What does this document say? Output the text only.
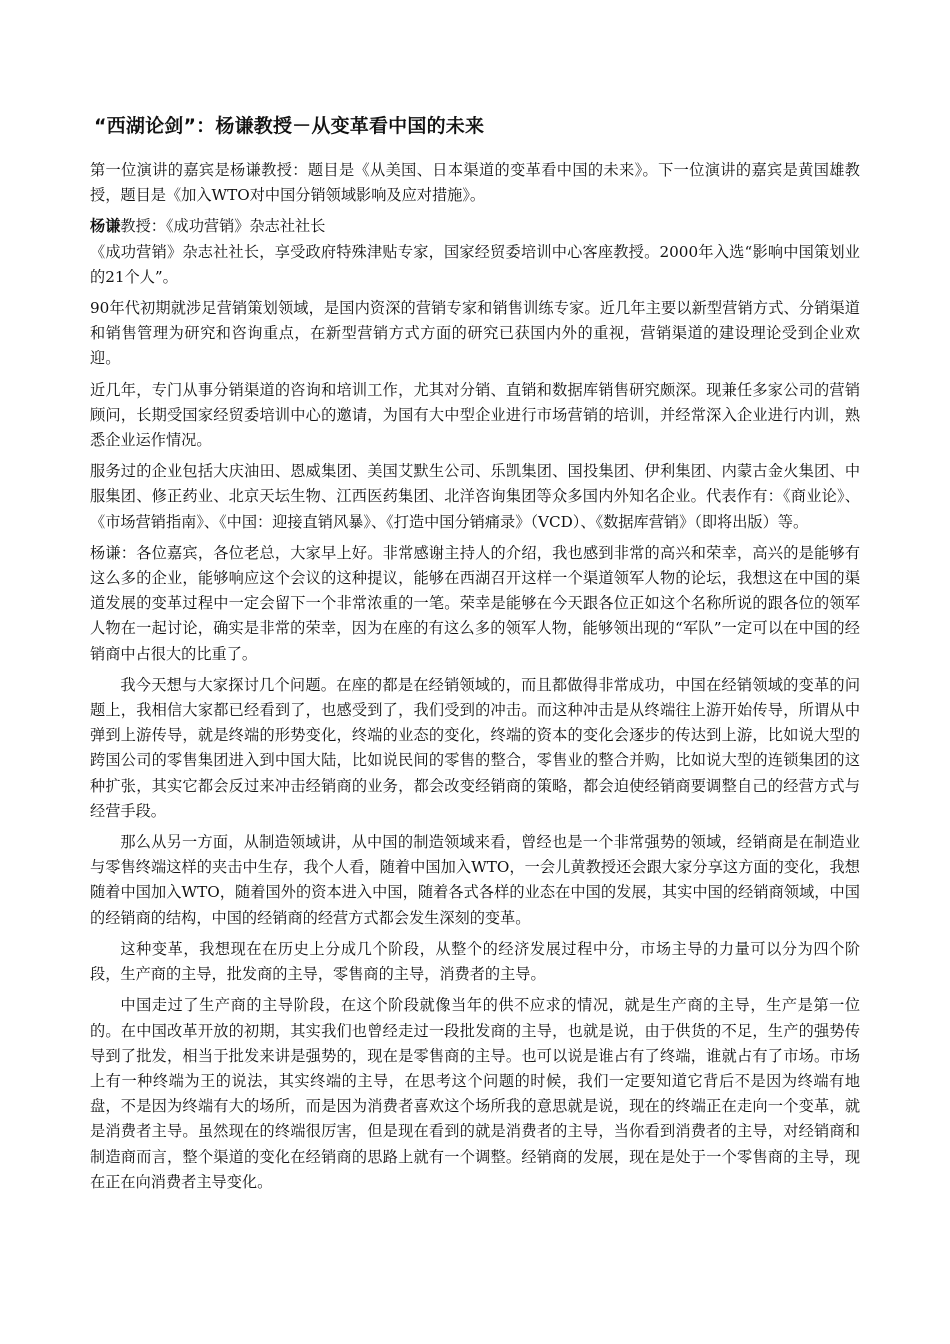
“西湖论剑”：杨谦教授－从变革看中国的未来

第一位演讲的嘉宾是杨谦教授：题目是《从美国、日本渠道的变革看中国的未来》。下一位演讲的嘉宾是黄国雄教授，题目是《加入WTO对中国分销领域影响及应对措施》。

杨谦教授：《成功营销》杂志社社长

《成功营销》杂志社社长，享受政府特殊津贴专家，国家经贸委培训中心客座教授。2000年入选“影响中国策划业的21个人”。

90年代初期就涉足营销策划领域，是国内资深的营销专家和销售训练专家。近几年主要以新型营销方式、分销渠道和销售管理为研究和咨询重点，在新型营销方式方面的研究已获国内外的重视，营销渠道的建设理论受到企业欢迎。

近几年，专门从事分销渠道的咨询和培训工作，尤其对分销、直销和数据库销售研究颇深。现兼任多家公司的营销顾问，长期受国家经贸委培训中心的邀请，为国有大中型企业进行市场营销的培训，并经常深入企业进行内训，熟悉企业运作情况。

服务过的企业包括大庆油田、恩威集团、美国艾默生公司、乐凯集团、国投集团、伊利集团、内蒙古金火集团、中服集团、修正药业、北京天坛生物、江西医药集团、北洋咨询集团等众多国内外知名企业。代表作有：《商业论》、《市场营销指南》、《中国：迎接直销风暴》、《打造中国分销痛录》（VCD）、《数据库营销》（即将出版）等。

杨谦：各位嘉宾，各位老总，大家早上好。非常感谢主持人的介绍，我也感到非常的高兴和荣幸，高兴的是能够有这么多的企业，能够响应这个会议的这种提议，能够在西湖召开这样一个渠道领军人物的论坛，我想这在中国的渠道发展的变革过程中一定会留下一个非常浓重的一笔。荣幸是能够在今天跟各位正如这个名称所说的跟各位的领军人物在一起讨论，确实是非常的荣幸，因为在座的有这么多的领军人物，能够领出现的“军队”一定可以在中国的经销商中占很大的比重了。

我今天想与大家探讨几个问题。在座的都是在经销领域的，而且都做得非常成功，中国在经销领域的变革的问题上，我相信大家都已经看到了，也感受到了，我们受到的冲击。而这种冲击是从终端往上游开始传导，所谓从中弹到上游传导，就是终端的形势变化，终端的业态的变化，终端的资本的变化会逐步的传达到上游，比如说大型的跨国公司的零售集团进入到中国大陆，比如说民间的零售的整合，零售业的整合并购，比如说大型的连锁集团的这种扩张，其实它都会反过来冲击经销商的业务，都会改变经销商的策略，都会迫使经销商要调整自己的经营方式与经营手段。

那么从另一方面，从制造领域讲，从中国的制造领域来看，曾经也是一个非常强势的领域，经销商是在制造业与零售终端这样的夹击中生存，我个人看，随着中国加入WTO，一会儿黄教授还会跟大家分享这方面的变化，我想随着中国加入WTO，随着国外的资本进入中国，随着各式各样的业态在中国的发展，其实中国的经销商领域，中国的经销商的结构，中国的经销商的经营方式都会发生深刻的变革。

这种变革，我想现在在历史上分成几个阶段，从整个的经济发展过程中分，市场主导的力量可以分为四个阶段，生产商的主导，批发商的主导，零售商的主导，消费者的主导。

中国走过了生产商的主导阶段，在这个阶段就像当年的供不应求的情况，就是生产商的主导，生产是第一位的。在中国改革开放的初期，其实我们也曾经走过一段批发商的主导，也就是说，由于供货的不足，生产的强势传导到了批发，相当于批发来讲是强势的，现在是零售商的主导。也可以说是谁占有了终端，谁就占有了市场。市场上有一种终端为王的说法，其实终端的主导，在思考这个问题的时候，我们一定要知道它背后不是因为终端有地盘，不是因为终端有大的场所，而是因为消费者喜欢这个场所我的意思就是说，现在的终端正在走向一个变革，就是消费者主导。虽然现在的终端很厉害，但是现在看到的就是消费者的主导，当你看到消费者的主导，对经销商和制造商而言，整个渠道的变化在经销商的思路上就有一个调整。经销商的发展，现在是处于一个零售商的主导，现在正在向消费者主导变化。
